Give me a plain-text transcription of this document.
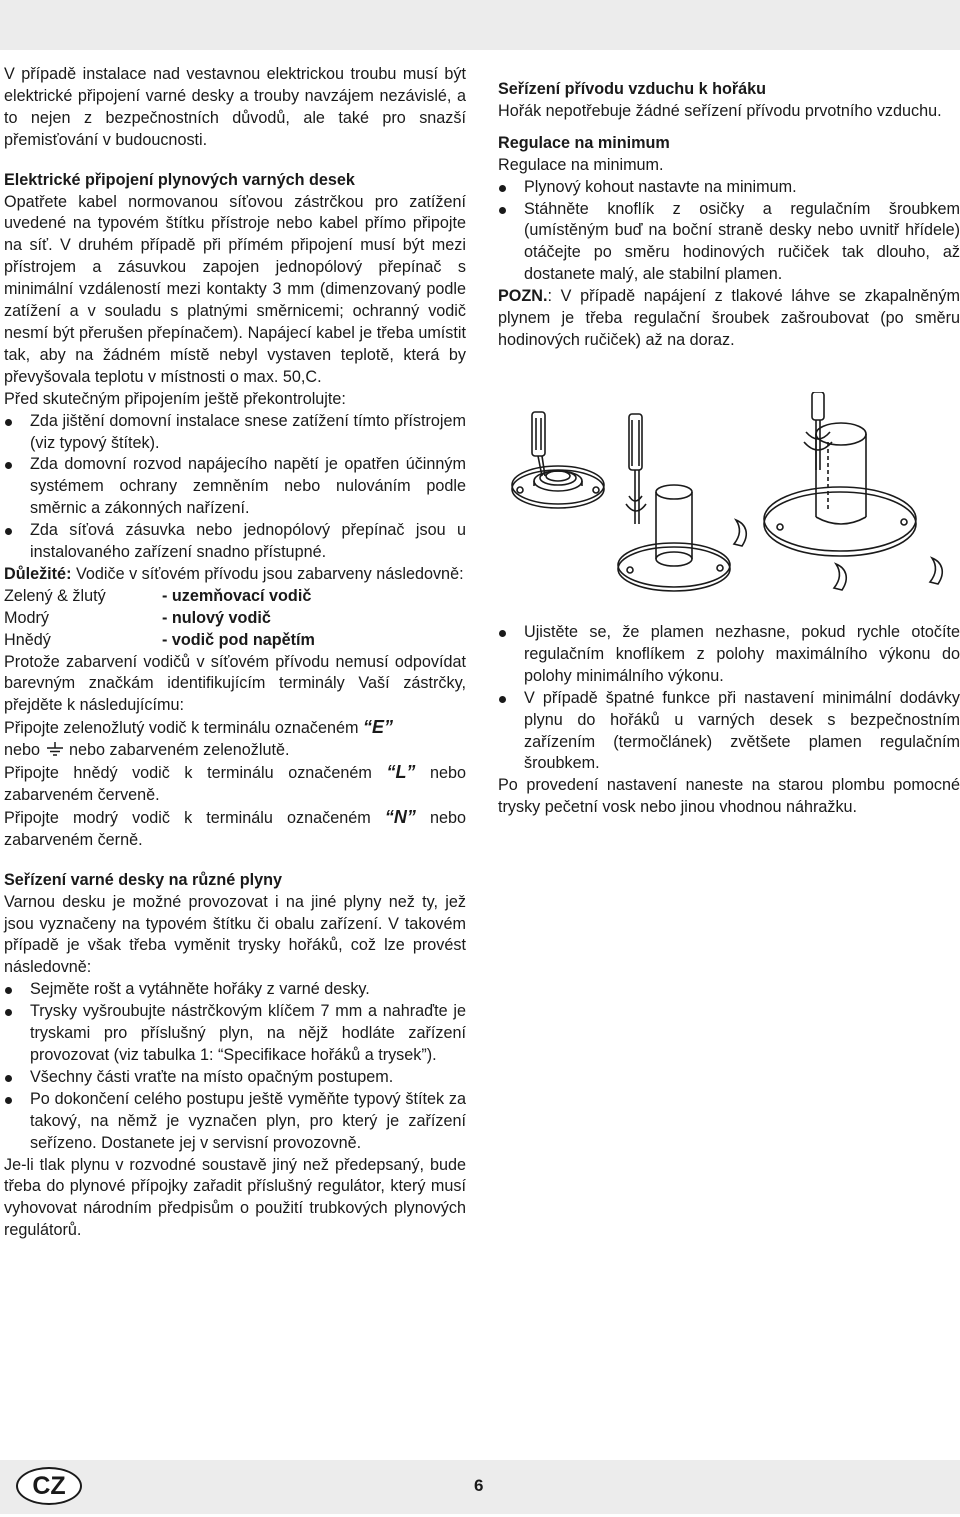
V případě instalace nad vestavnou elektrickou troubu musí být elektrické připojení varné desky a trouby navzájem nezávislé, a to nejen z bezpečnostních důvodů, ale také pro snazší přemisťování v budoucnosti.

Elektrické připojení plynových varných desek

Opatřete kabel normovanou síťovou zástrčkou pro zatížení uvedené na typovém štítku přístroje nebo kabel přímo připojte na síť. V druhém případě při přímém připojení musí být mezi přístrojem a zásuvkou zapojen jednopólový přepínač s minimální vzdáleností mezi kontakty 3 mm (dimenzovaný podle zatížení a v souladu s platnými směrnicemi; ochranný vodič nesmí být přerušen přepínačem). Napájecí kabel je třeba umístit tak, aby na žádném místě nebyl vystaven teplotě, která by převyšovala teplotu v místnosti o max. 50,C.

Před skutečným připojením ještě překontrolujte:

Zda jištění domovní instalace snese zatížení tímto přístrojem (viz typový štítek).
Zda domovní rozvod napájecího napětí je opatřen účinným systémem ochrany zemněním nebo nulováním podle směrnic a zákonných nařízení.
Zda síťová zásuvka nebo jednopólový přepínač jsou u instalovaného zařízení snadno přístupné.

Důležité: Vodiče v síťovém přívodu jsou zabarveny následovně:

Zelený & žlutý	- uzemňovací vodič
Modrý	- nulový vodič
Hnědý	- vodič pod napětím

Protože zabarvení vodičů v síťovém přívodu nemusí odpovídat barevným značkám identifikujícím terminály Vaší zástrčky, přejděte k následujícímu:

Připojte zelenožlutý vodič k terminálu označeném “E”
nebo  nebo zabarveném zelenožlutě.

Připojte hnědý vodič k terminálu označeném “L” nebo zabarveném červeně.

Připojte modrý vodič k terminálu označeném “N” nebo zabarveném černě.

Seřízení varné desky na různé plyny

Varnou desku je možné provozovat i na jiné plyny než ty, jež jsou vyznačeny na typovém štítku či obalu zařízení. V takovém případě je však třeba vyměnit trysky hořáků, což lze provést následovně:

Sejměte rošt a vytáhněte hořáky z varné desky.
Trysky vyšroubujte nástrčkovým klíčem 7 mm a nahraďte je tryskami pro příslušný plyn, na nějž hodláte zařízení provozovat (viz tabulka 1: “Specifikace hořáků a trysek”).
Všechny části vraťte na místo opačným postupem.
Po dokončení celého postupu ještě vyměňte typový štítek za takový, na němž je vyznačen plyn, pro který je zařízení seřízeno. Dostanete jej v servisní provozovně.

Je-li tlak plynu v rozvodné soustavě jiný než předepsaný, bude třeba do plynové přípojky zařadit příslušný regulátor, který musí vyhovovat národním předpisům o použití trubkových plynových regulátorů.

Seřízení přívodu vzduchu k hořáku

Hořák nepotřebuje žádné seřízení přívodu prvotního vzduchu.

Regulace na minimum

Regulace na minimum.

Plynový kohout nastavte na minimum.
Stáhněte knoflík z osičky a regulačním šroubkem (umístěným buď na boční straně desky nebo uvnitř hřídele) otáčejte po směru hodinových ručiček tak dlouho, až dostanete malý, ale stabilní plamen.

POZN.: V případě napájení z tlakové láhve se zkapalněným plynem je třeba regulační šroubek zašroubovat (po směru hodinových ručiček) až na doraz.

Ujistěte se, že plamen nezhasne, pokud rychle otočíte regulačním knoflíkem z polohy maximálního výkonu do polohy minimálního výkonu.
V případě špatné funkce při nastavení minimální dodávky plynu do hořáků u varných desek s bezpečnostním zařízením (termočlánek) zvětšete plamen regulačním šroubkem.

Po provedení nastavení naneste na starou plombu pomocné trysky pečetní vosk nebo jinou vhodnou náhražku.

CZ	6
